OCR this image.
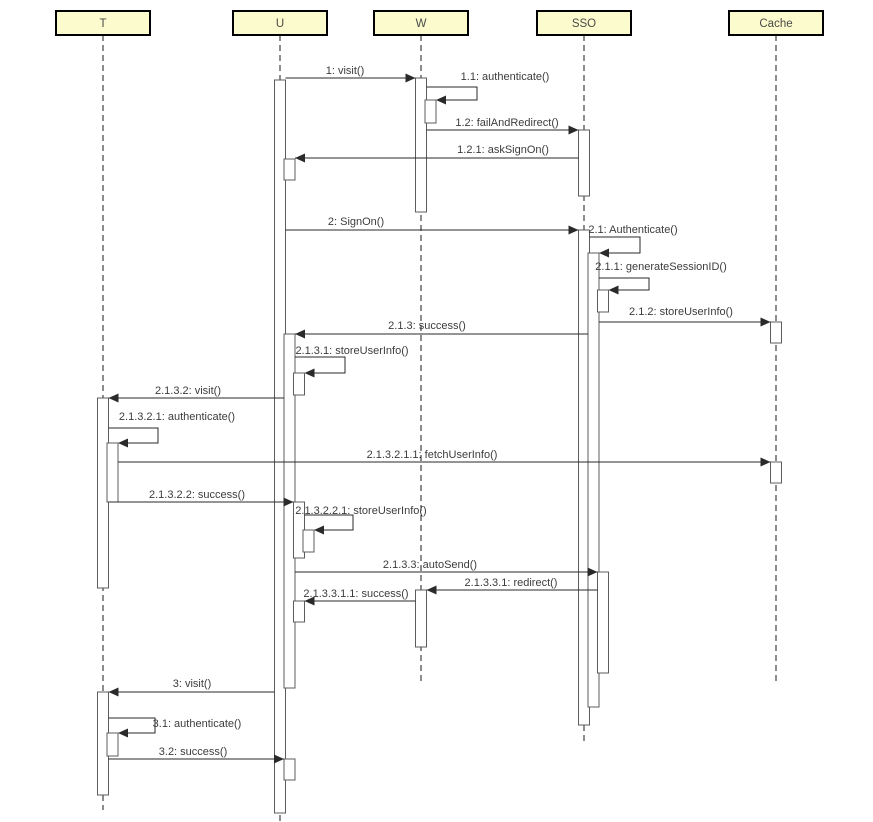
1: visit()	1.1: authenticate()
1.2: failAndRedirect()
1.2.1: askSignOn()
2: SignOn()
2.1: Authenticate()
2.1.1: generateSessionID()
2.1.2: storeUserInfo()
2.1.3: success()
2.1.3.1: storeUserInfo()
2.1.3.2: visit()
2.1.3.2.1: authenticate()
2.1.3.2.1.1: fetchUserInfo()
2.1.3.2.2: success()
2.1.3.2.2.1: storeUserInfo()
2.1.3.3: autoSend()
2.1.3.3.1: redirect()
2.1.3.3.1.1: success()
3: visit()
3.1: authenticate()
3.2: success()
T	U	W	SSO	Cache
